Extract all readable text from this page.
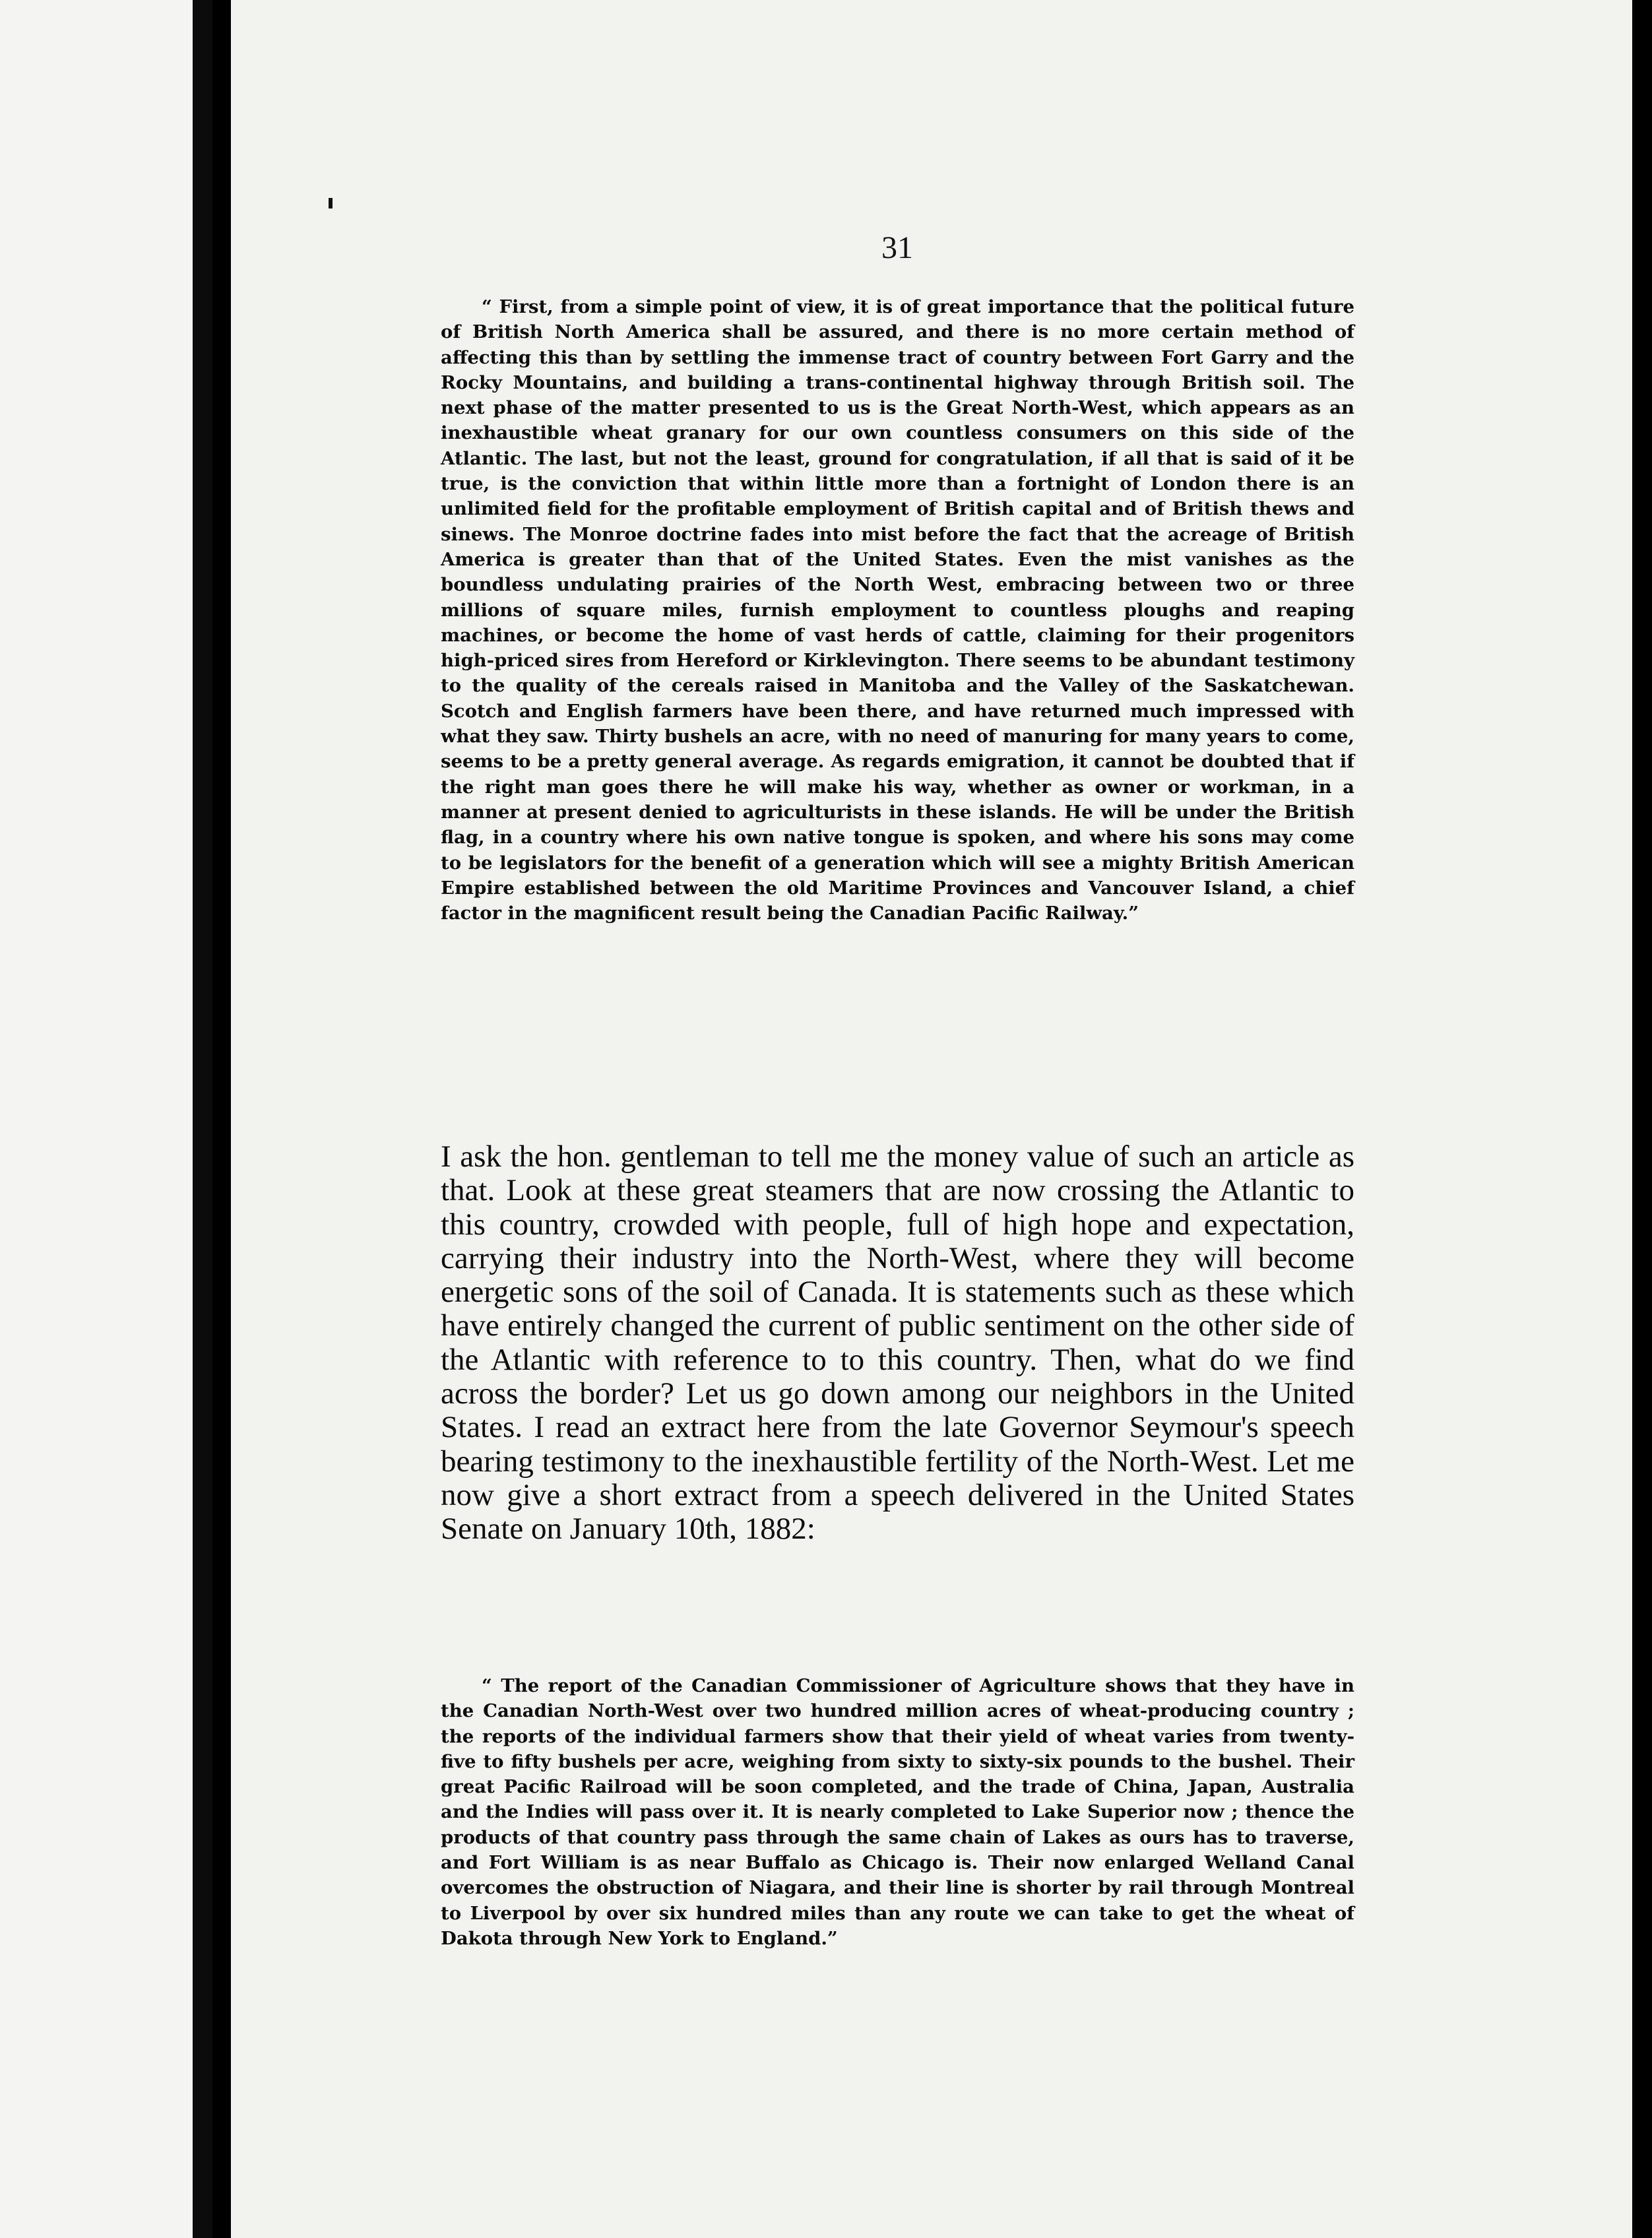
31

“ First, from a simple point of view, it is of great importance that the political future of British North America shall be assured, and there is no more certain method of affecting this than by settling the immense tract of country between Fort Garry and the Rocky Mountains, and building a trans-continental highway through British soil. The next phase of the matter presented to us is the Great North-West, which appears as an inexhaustible wheat granary for our own countless consumers on this side of the Atlantic. The last, but not the least, ground for congratulation, if all that is said of it be true, is the conviction that within little more than a fortnight of London there is an unlimited field for the profitable employment of British capital and of British thews and sinews. The Monroe doctrine fades into mist before the fact that the acreage of British America is greater than that of the United States. Even the mist vanishes as the boundless undulating prairies of the North West, embracing between two or three millions of square miles, furnish employment to countless ploughs and reaping machines, or become the home of vast herds of cattle, claiming for their progenitors high-priced sires from Hereford or Kirklevington. There seems to be abundant testimony to the quality of the cereals raised in Manitoba and the Valley of the Saskatchewan. Scotch and English farmers have been there, and have returned much impressed with what they saw. Thirty bushels an acre, with no need of manuring for many years to come, seems to be a pretty general average. As regards emigration, it cannot be doubted that if the right man goes there he will make his way, whether as owner or workman, in a manner at present denied to agriculturists in these islands. He will be under the British flag, in a country where his own native tongue is spoken, and where his sons may come to be legislators for the benefit of a generation which will see a mighty British American Empire established between the old Maritime Provinces and Vancouver Island, a chief factor in the magnificent result being the Canadian Pacific Railway.”

I ask the hon. gentleman to tell me the money value of such an article as that. Look at these great steamers that are now crossing the Atlantic to this country, crowded with people, full of high hope and expectation, carrying their industry into the North-West, where they will become energetic sons of the soil of Canada. It is statements such as these which have entirely changed the current of public sentiment on the other side of the Atlantic with reference to to this country. Then, what do we find across the border? Let us go down among our neighbors in the United States. I read an extract here from the late Governor Seymour's speech bearing testimony to the inexhaustible fertility of the North-West. Let me now give a short extract from a speech delivered in the United States Senate on January 10th, 1882:

“ The report of the Canadian Commissioner of Agriculture shows that they have in the Canadian North-West over two hundred million acres of wheat-producing country ; the reports of the individual farmers show that their yield of wheat varies from twenty-five to fifty bushels per acre, weighing from sixty to sixty-six pounds to the bushel. Their great Pacific Railroad will be soon completed, and the trade of China, Japan, Australia and the Indies will pass over it. It is nearly completed to Lake Superior now ; thence the products of that country pass through the same chain of Lakes as ours has to traverse, and Fort William is as near Buffalo as Chicago is. Their now enlarged Welland Canal overcomes the obstruction of Niagara, and their line is shorter by rail through Montreal to Liverpool by over six hundred miles than any route we can take to get the wheat of Dakota through New York to England.”
